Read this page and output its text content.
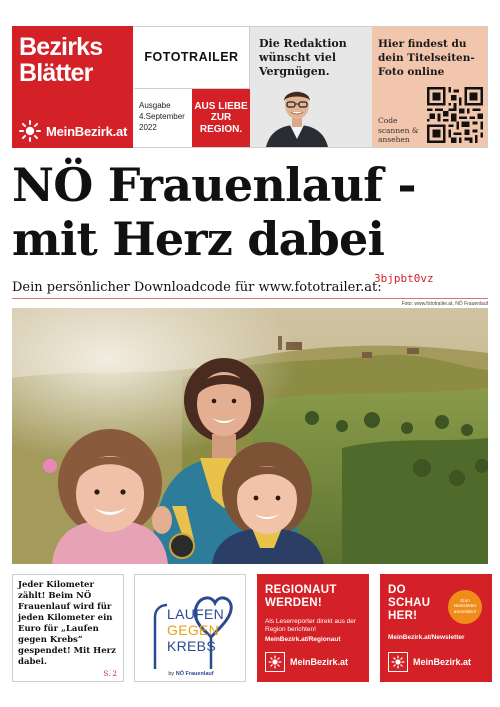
Bezirks
Blätter
MeinBezirk.at
FOTOTRAILER
Ausgabe
4.September 2022
AUS LIEBE ZUR REGION.
Die Redaktion wünscht viel Vergnügen.
Hier findest du dein Titelseiten-Foto online
Code scannen & ansehen
NÖ Frauenlauf -
mit Herz dabei
Dein persönlicher Downloadcode für www.fototrailer.at:
3bjpbt0vz
Foto: www.fototrailer.at, NÖ Frauenlauf
Jeder Kilometer zählt! Beim NÖ Frauenlauf wird für jeden Kilometer ein Euro für „Laufen gegen Krebs“ gespendet! Mit Herz dabei.
S. 2
LAUFEN
GEGEN
KREBS
by NÖ Frauenlauf
REGIONAUT
WERDEN!
Als Leserreporter direkt aus der Region berichten!
MeinBezirk.at/Regionaut
MeinBezirk.at
DO
SCHAU
HER!
Zum Newsletter anmelden!
MeinBezirk.at/Newsletter
MeinBezirk.at
